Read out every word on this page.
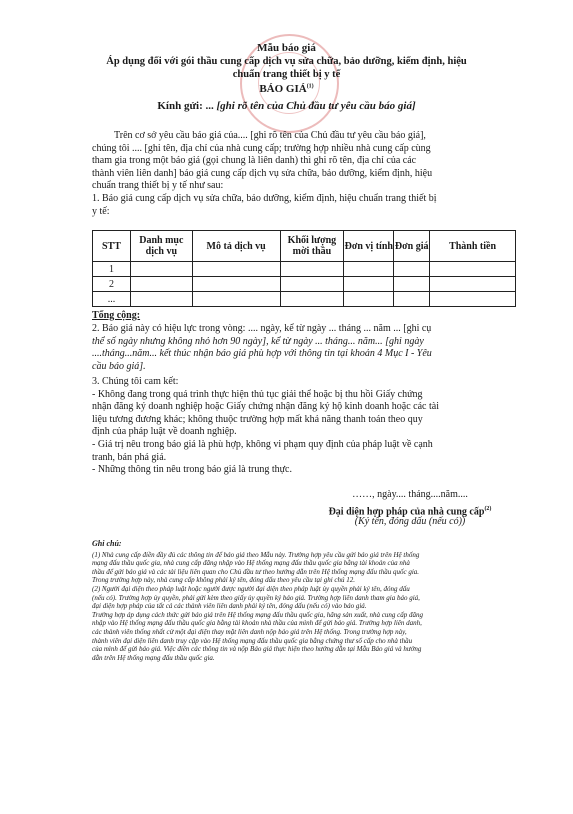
Mẫu báo giá
Áp dụng đối với gói thầu cung cấp dịch vụ sửa chữa, bảo dưỡng, kiểm định, hiệu
chuẩn trang thiết bị y tế
BÁO GIÁ$^{(1)}$
Kính gửi: ... [ghi rõ tên của Chủ đầu tư yêu cầu báo giá]
Trên cơ sở yêu cầu báo giá của.... [ghi rõ tên của Chủ đầu tư yêu cầu báo giá],
chúng tôi .... [ghi tên, địa chỉ của nhà cung cấp; trường hợp nhiều nhà cung cấp cùng
tham gia trong một báo giá (gọi chung là liên danh) thì ghi rõ tên, địa chỉ của các
thành viên liên danh] báo giá cung cấp dịch vụ sửa chữa, bảo dưỡng, kiểm định, hiệu
chuẩn trang thiết bị y tế như sau:
1. Báo giá cung cấp dịch vụ sửa chữa, bảo dưỡng, kiểm định, hiệu chuẩn trang thiết bị
y tế:
STT	Danh mục dịch vụ	Mô tả dịch vụ	Khối lượng mời thầu	Đơn vị tính	Đơn giá	Thành tiền
1						
2						
...						
Tổng cộng:
2. Báo giá này có hiệu lực trong vòng: .... ngày, kể từ ngày ... tháng ... năm ... [ghi cụ
thể số ngày nhưng không nhỏ hơn 90 ngày], kể từ ngày ... tháng... năm... [ghi ngày
....tháng...năm... kết thúc nhận báo giá phù hợp với thông tin tại khoản 4 Mục I - Yêu
cầu báo giá].
3. Chúng tôi cam kết:
- Không đang trong quá trình thực hiện thủ tục giải thể hoặc bị thu hồi Giấy chứng
nhận đăng ký doanh nghiệp hoặc Giấy chứng nhận đăng ký hộ kinh doanh hoặc các tài
liệu tương đương khác; không thuộc trường hợp mất khả năng thanh toán theo quy
định của pháp luật về doanh nghiệp.
- Giá trị nêu trong báo giá là phù hợp, không vi phạm quy định của pháp luật về cạnh
tranh, bán phá giá.
- Những thông tin nêu trong báo giá là trung thực.
……, ngày.... tháng....năm....
Đại diện hợp pháp của nhà cung cấp$^{(2)}$
(Ký tên, đóng dấu (nếu có))
Ghi chú:
(1) Nhà cung cấp điền đầy đủ các thông tin để báo giá theo Mẫu này. Trường hợp yêu cầu gửi báo giá trên Hệ thống
mạng đấu thầu quốc gia, nhà cung cấp đăng nhập vào Hệ thống mạng đấu thầu quốc gia bằng tài khoản của nhà
thầu để gửi báo giá và các tài liệu liên quan cho Chủ đầu tư theo hướng dẫn trên Hệ thống mạng đấu thầu quốc gia.
Trong trường hợp này, nhà cung cấp không phải ký tên, đóng dấu theo yêu cầu tại ghi chú 12.
(2) Người đại diện theo pháp luật hoặc người được người đại diện theo pháp luật ủy quyền phải ký tên, đóng dấu
(nếu có). Trường hợp ủy quyền, phải gửi kèm theo giấy ủy quyền ký báo giá. Trường hợp liên danh tham gia báo giá,
đại diện hợp pháp của tất cả các thành viên liên danh phải ký tên, đóng dấu (nếu có) vào báo giá.
Trường hợp áp dụng cách thức gửi báo giá trên Hệ thống mạng đấu thầu quốc gia, hãng sản xuất, nhà cung cấp đăng
nhập vào Hệ thống mạng đấu thầu quốc gia bằng tài khoản nhà thầu của mình để gửi báo giá. Trường hợp liên danh,
các thành viên thống nhất cử một đại diện thay mặt liên danh nộp báo giá trên Hệ thống. Trong trường hợp này,
thành viên đại diện liên danh truy cập vào Hệ thống mạng đấu thầu quốc gia bằng chứng thư số cấp cho nhà thầu
của mình để gửi báo giá. Việc điền các thông tin và nộp Báo giá thực hiện theo hướng dẫn tại Mẫu Báo giá và hướng
dẫn trên Hệ thống mạng đấu thầu quốc gia.
